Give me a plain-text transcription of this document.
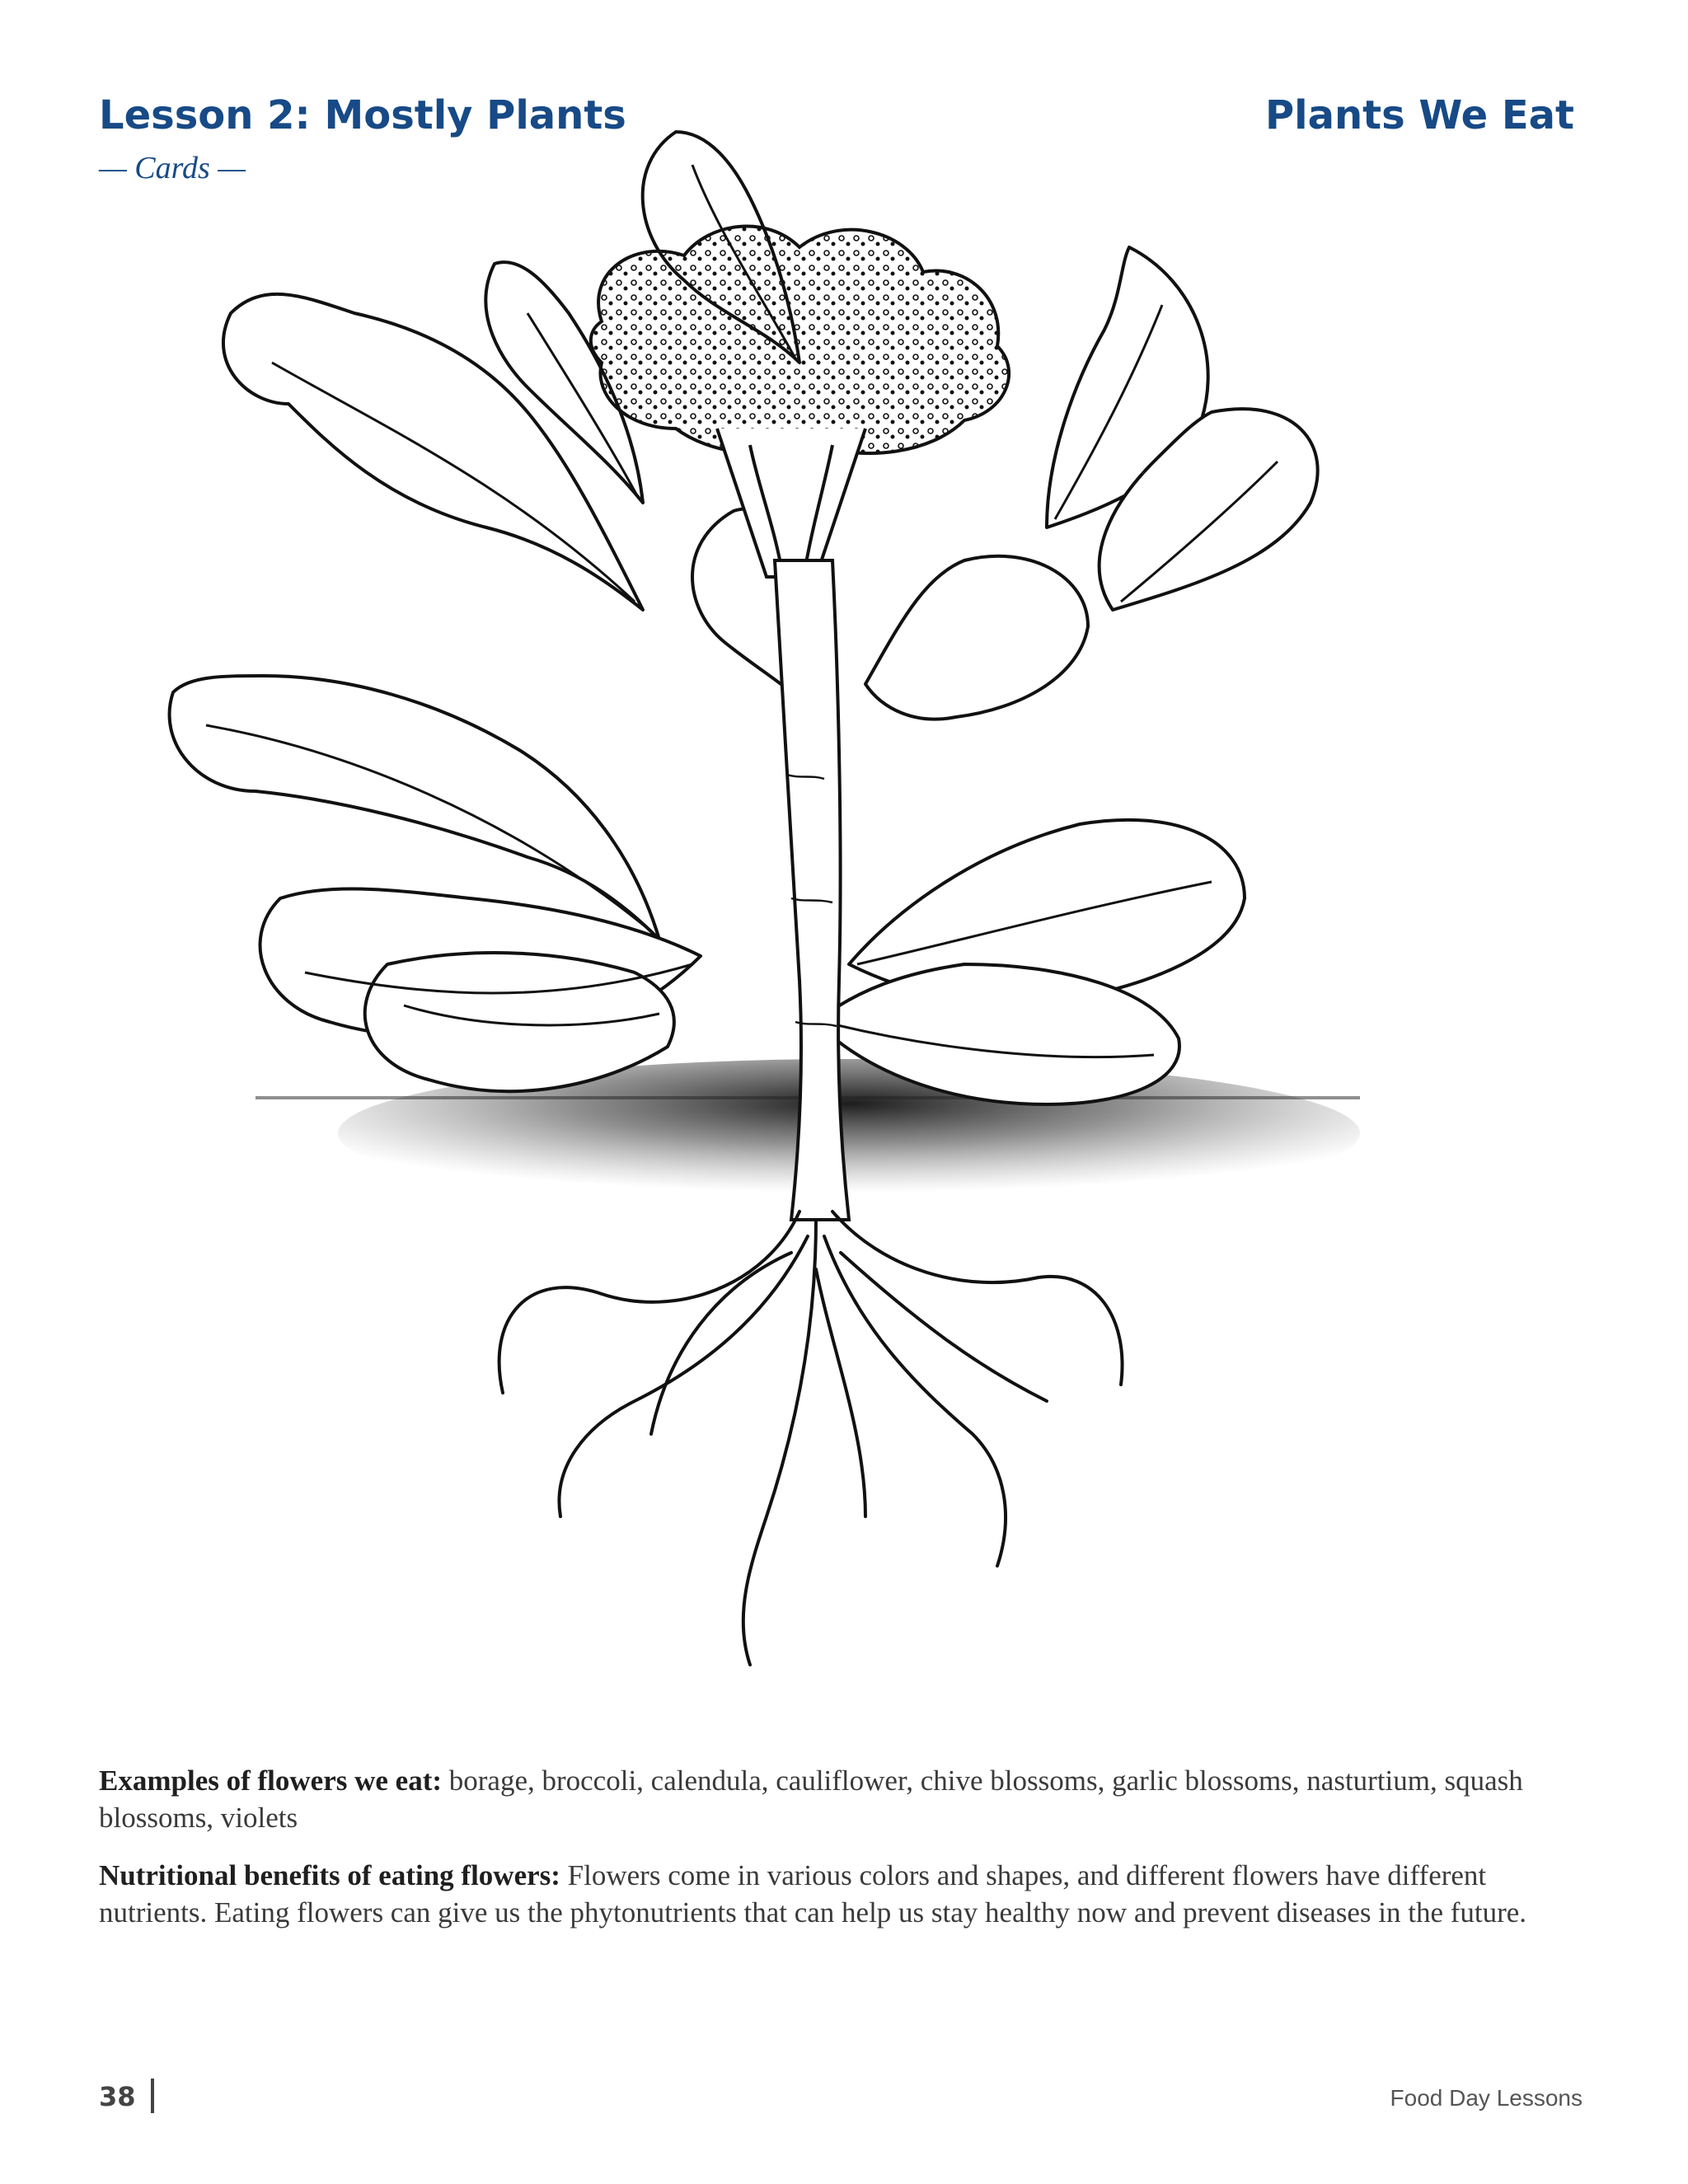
Lesson 2: Mostly Plants	Plants We Eat
— Cards —

Examples of flowers we eat: borage, broccoli, calendula, cauliflower, chive blossoms, garlic blossoms, nasturtium, squash blossoms, violets

Nutritional benefits of eating flowers: Flowers come in various colors and shapes, and different flowers have different nutrients. Eating flowers can give us the phytonutrients that can help us stay healthy now and prevent diseases in the future.

38	Food Day Lessons
